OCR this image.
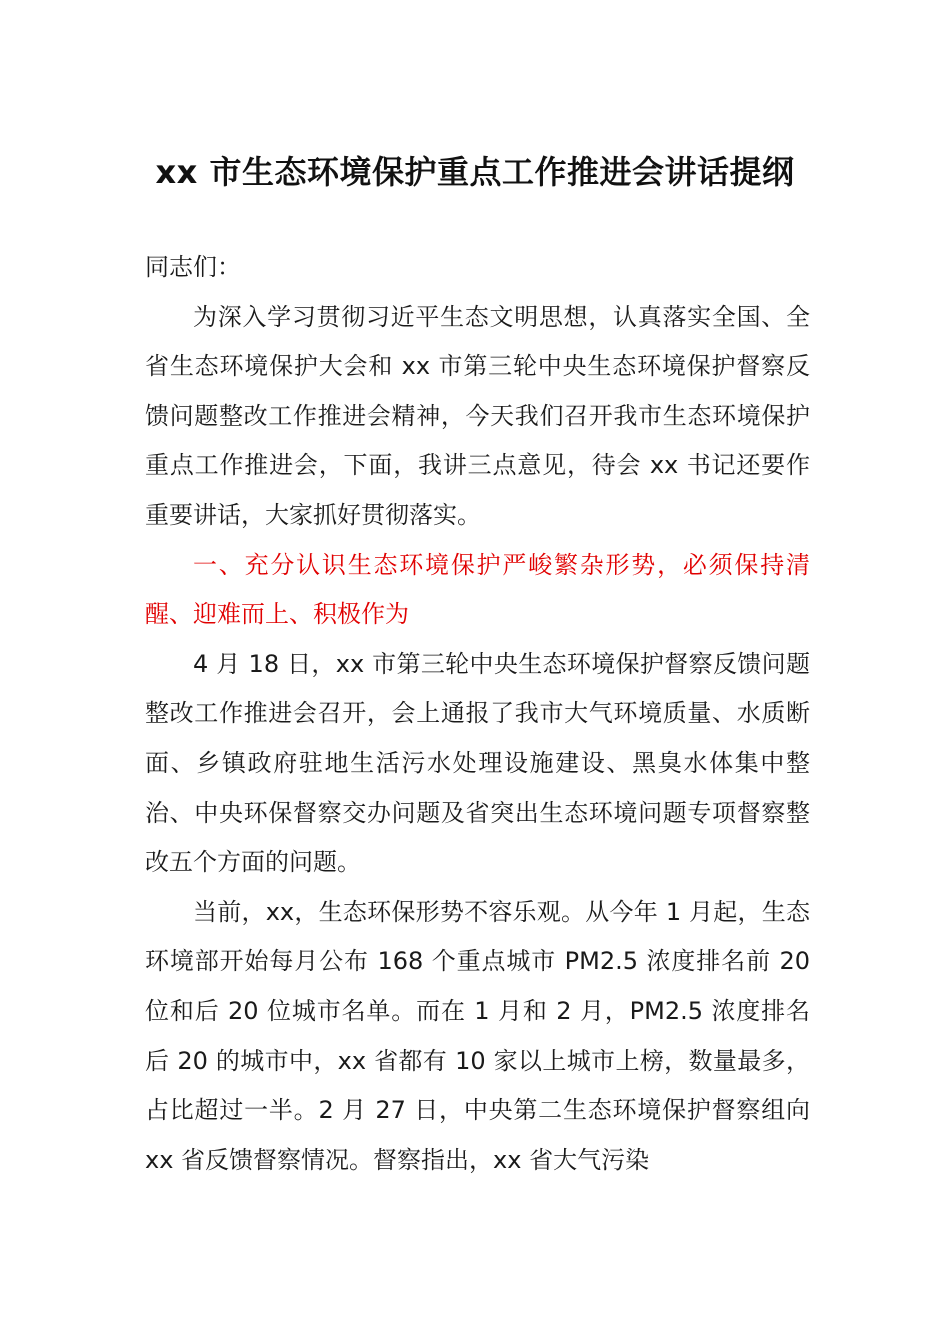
xx 市生态环境保护重点工作推进会讲话提纲

同志们：

为深入学习贯彻习近平生态文明思想，认真落实全国、全省生态环境保护大会和 xx 市第三轮中央生态环境保护督察反馈问题整改工作推进会精神，今天我们召开我市生态环境保护重点工作推进会，下面，我讲三点意见，待会 xx 书记还要作重要讲话，大家抓好贯彻落实。

一、充分认识生态环境保护严峻繁杂形势，必须保持清醒、迎难而上、积极作为

4 月 18 日，xx 市第三轮中央生态环境保护督察反馈问题整改工作推进会召开，会上通报了我市大气环境质量、水质断面、乡镇政府驻地生活污水处理设施建设、黑臭水体集中整治、中央环保督察交办问题及省突出生态环境问题专项督察整改五个方面的问题。

当前，xx，生态环保形势不容乐观。从今年 1 月起，生态环境部开始每月公布 168 个重点城市 PM2.5 浓度排名前 20 位和后 20 位城市名单。而在 1 月和 2 月，PM2.5 浓度排名后 20 的城市中，xx 省都有 10 家以上城市上榜，数量最多，占比超过一半。2 月 27 日，中央第二生态环境保护督察组向 xx 省反馈督察情况。督察指出，xx 省大气污染
